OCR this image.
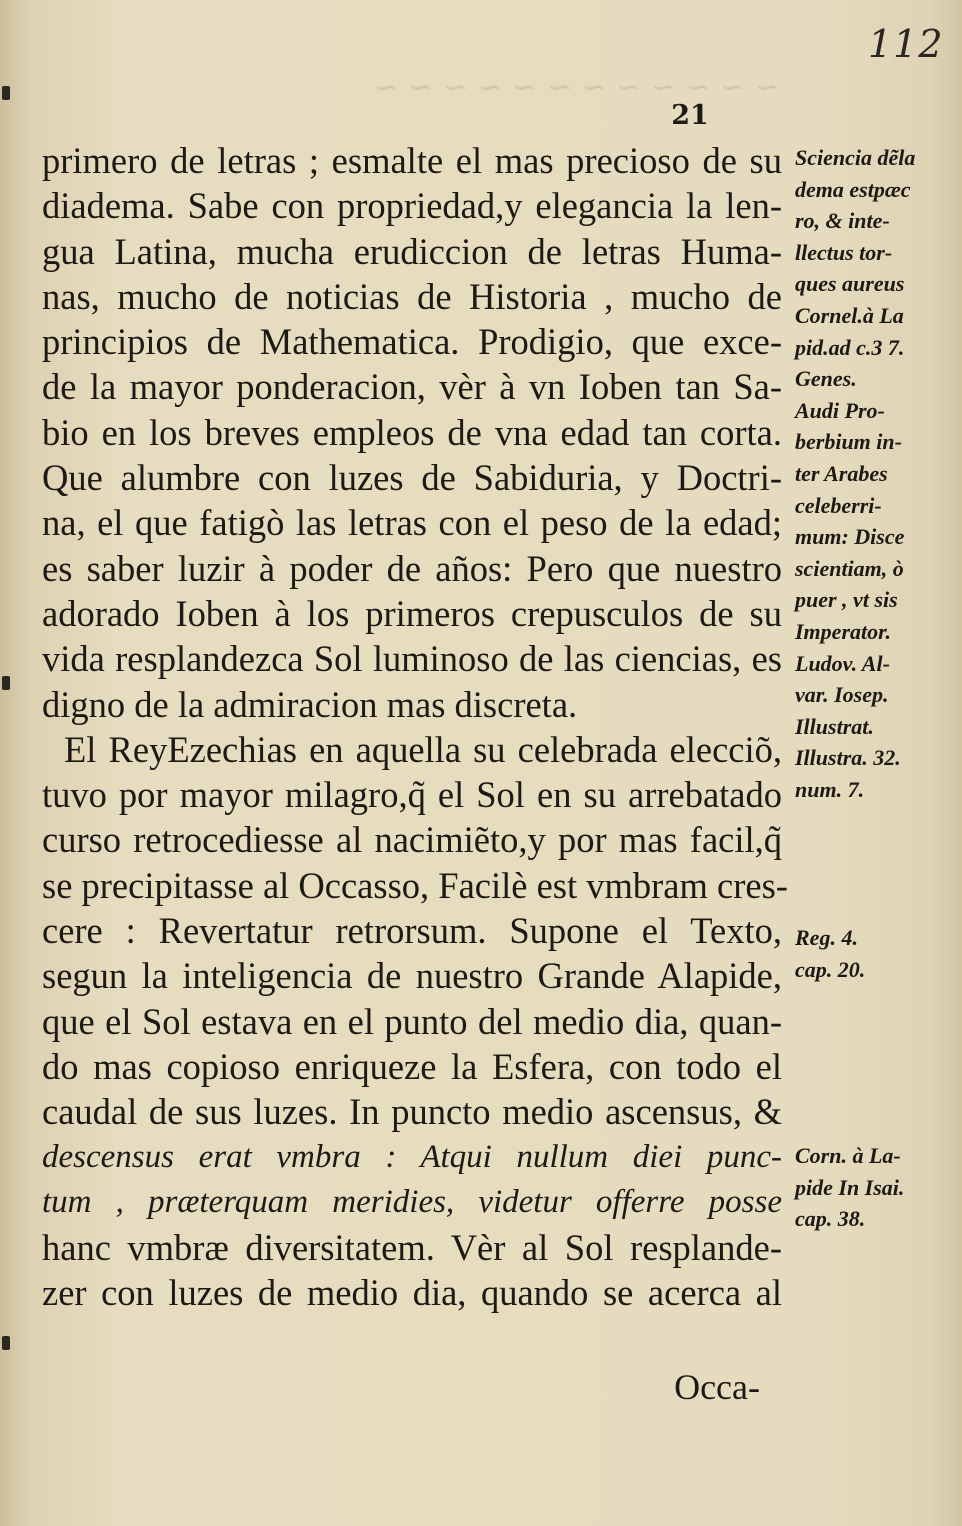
~ ~ ~ ~ ~ ~ ~ ~ ~ ~ ~ ~
112
21
primero de letras ; esmalte el mas precioso de su
diadema. Sabe con propriedad,y elegancia la len-
gua Latina, mucha erudiccion de letras Huma-
nas, mucho de noticias de Historia , mucho de
principios de Mathematica. Prodigio, que exce-
de la mayor ponderacion, vèr à vn Ioben tan Sa-
bio en los breves empleos de vna edad tan corta.
Que alumbre con luzes de Sabiduria, y Doctri-
na, el que fatigò las letras con el peso de la edad;
es saber luzir à poder de años: Pero que nuestro
adorado Ioben à los primeros crepusculos de su
vida resplandezca Sol luminoso de las ciencias, es
digno de la admiracion mas discreta.
El ReyEzechias en aquella su celebrada elecciõ,
tuvo por mayor milagro,q̃ el Sol en su arrebatado
curso retrocediesse al nacimiẽto,y por mas facil,q̃
se precipitasse al Occasso, Facilè est vmbram cres-
cere : Revertatur retrorsum. Supone el Texto,
segun la inteligencia de nuestro Grande Alapide,
que el Sol estava en el punto del medio dia, quan-
do mas copioso enriqueze la Esfera, con todo el
caudal de sus luzes. In puncto medio ascensus, &
descensus erat vmbra : Atqui nullum diei punc-
tum , præterquam meridies, videtur offerre posse
hanc vmbræ diversitatem. Vèr al Sol resplande-
zer con luzes de medio dia, quando se acerca al
Occa-
Sciencia dẽla
dema estpæc
ro, & inte-
llectus tor-
ques aureus
Cornel.à La
pid.ad c.3 7.
Genes.
Audi Pro-
berbium in-
ter Arabes
celeberri-
mum: Disce
scientiam, ò
puer , vt sis
Imperator.
Ludov. Al-
var. Iosep.
Illustrat.
Illustra. 32.
num. 7.
Reg. 4.
cap. 20.
Corn. à La-
pide In Isai.
cap. 38.
